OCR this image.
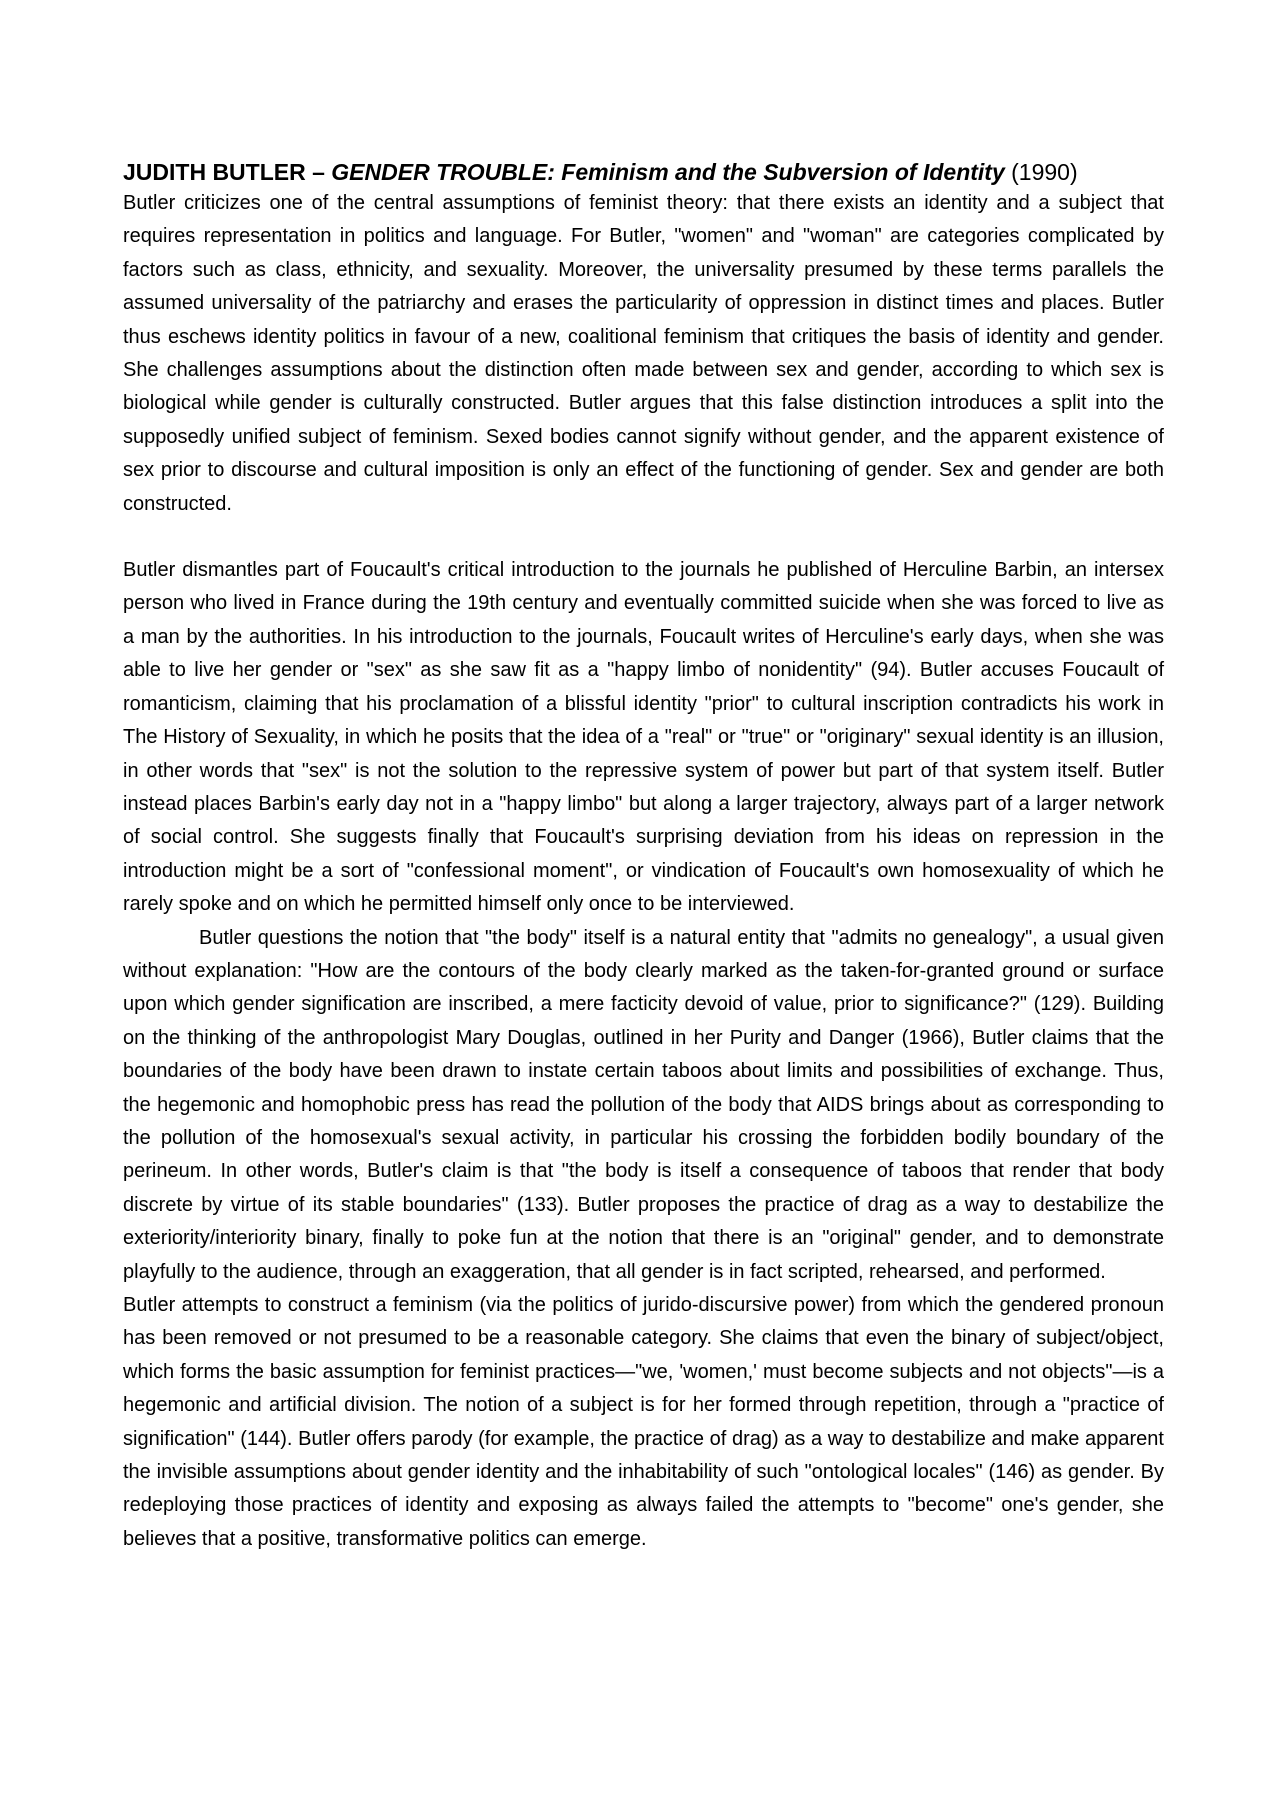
JUDITH BUTLER – GENDER TROUBLE: Feminism and the Subversion of Identity (1990)

Butler criticizes one of the central assumptions of feminist theory: that there exists an identity and a subject that requires representation in politics and language. For Butler, "women" and "woman" are categories complicated by factors such as class, ethnicity, and sexuality. Moreover, the universality presumed by these terms parallels the assumed universality of the patriarchy and erases the particularity of oppression in distinct times and places. Butler thus eschews identity politics in favour of a new, coalitional feminism that critiques the basis of identity and gender. She challenges assumptions about the distinction often made between sex and gender, according to which sex is biological while gender is culturally constructed. Butler argues that this false distinction introduces a split into the supposedly unified subject of feminism. Sexed bodies cannot signify without gender, and the apparent existence of sex prior to discourse and cultural imposition is only an effect of the functioning of gender. Sex and gender are both constructed.

Butler dismantles part of Foucault's critical introduction to the journals he published of Herculine Barbin, an intersex person who lived in France during the 19th century and eventually committed suicide when she was forced to live as a man by the authorities. In his introduction to the journals, Foucault writes of Herculine's early days, when she was able to live her gender or "sex" as she saw fit as a "happy limbo of nonidentity" (94). Butler accuses Foucault of romanticism, claiming that his proclamation of a blissful identity "prior" to cultural inscription contradicts his work in The History of Sexuality, in which he posits that the idea of a "real" or "true" or "originary" sexual identity is an illusion, in other words that "sex" is not the solution to the repressive system of power but part of that system itself. Butler instead places Barbin's early day not in a "happy limbo" but along a larger trajectory, always part of a larger network of social control. She suggests finally that Foucault's surprising deviation from his ideas on repression in the introduction might be a sort of "confessional moment", or vindication of Foucault's own homosexuality of which he rarely spoke and on which he permitted himself only once to be interviewed.

Butler questions the notion that "the body" itself is a natural entity that "admits no genealogy", a usual given without explanation: "How are the contours of the body clearly marked as the taken-for-granted ground or surface upon which gender signification are inscribed, a mere facticity devoid of value, prior to significance?" (129). Building on the thinking of the anthropologist Mary Douglas, outlined in her Purity and Danger (1966), Butler claims that the boundaries of the body have been drawn to instate certain taboos about limits and possibilities of exchange. Thus, the hegemonic and homophobic press has read the pollution of the body that AIDS brings about as corresponding to the pollution of the homosexual's sexual activity, in particular his crossing the forbidden bodily boundary of the perineum. In other words, Butler's claim is that "the body is itself a consequence of taboos that render that body discrete by virtue of its stable boundaries" (133). Butler proposes the practice of drag as a way to destabilize the exteriority/interiority binary, finally to poke fun at the notion that there is an "original" gender, and to demonstrate playfully to the audience, through an exaggeration, that all gender is in fact scripted, rehearsed, and performed.

Butler attempts to construct a feminism (via the politics of jurido-discursive power) from which the gendered pronoun has been removed or not presumed to be a reasonable category. She claims that even the binary of subject/object, which forms the basic assumption for feminist practices—"we, 'women,' must become subjects and not objects"—is a hegemonic and artificial division. The notion of a subject is for her formed through repetition, through a "practice of signification" (144). Butler offers parody (for example, the practice of drag) as a way to destabilize and make apparent the invisible assumptions about gender identity and the inhabitability of such "ontological locales" (146) as gender. By redeploying those practices of identity and exposing as always failed the attempts to "become" one's gender, she believes that a positive, transformative politics can emerge.
